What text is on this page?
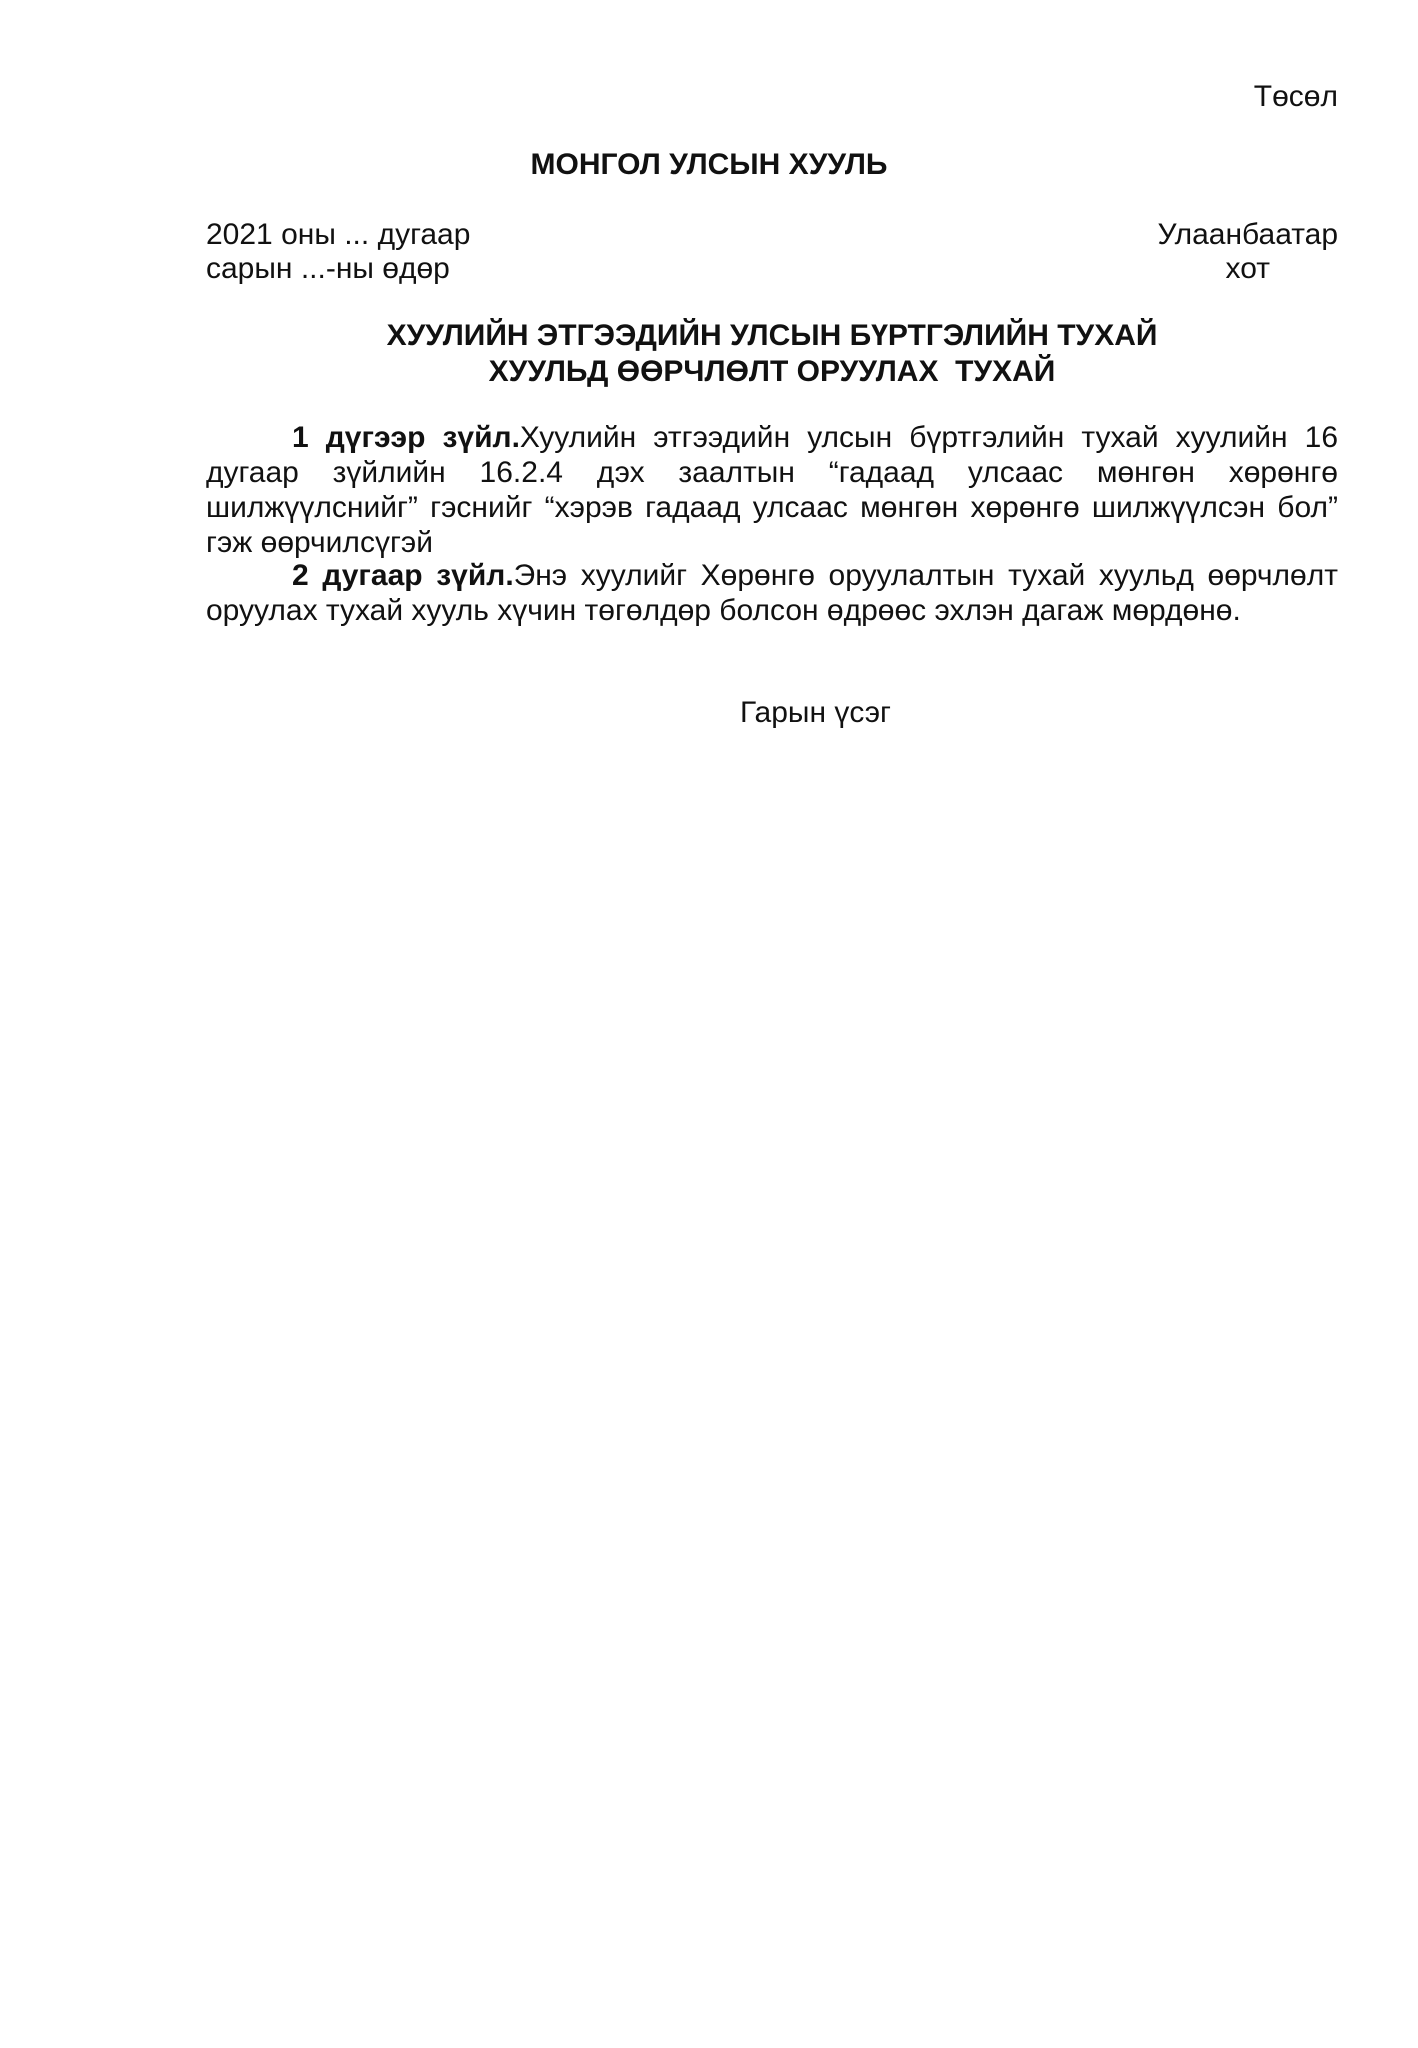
Төсөл
МОНГОЛ УЛСЫН ХУУЛЬ
2021 оны ... дугаар
сарын ...-ны өдөр
Улаанбаатар
хот
ХУУЛИЙН ЭТГЭЭДИЙН УЛСЫН БҮРТГЭЛИЙН ТУХАЙ
ХУУЛЬД ӨӨРЧЛӨЛТ ОРУУЛАХ  ТУХАЙ

1 дүгээр зүйл.Хуулийн этгээдийн улсын бүртгэлийн тухай хуулийн 16 дугаар зүйлийн 16.2.4 дэх заалтын “гадаад улсаас мөнгөн хөрөнгө шилжүүлснийг” гэснийг “хэрэв гадаад улсаас мөнгөн хөрөнгө шилжүүлсэн бол” гэж өөрчилсүгэй

2 дугаар зүйл.Энэ хуулийг Хөрөнгө оруулалтын тухай хуульд өөрчлөлт оруулах тухай хууль хүчин төгөлдөр болсон өдрөөс эхлэн дагаж мөрдөнө.

Гарын үсэг
